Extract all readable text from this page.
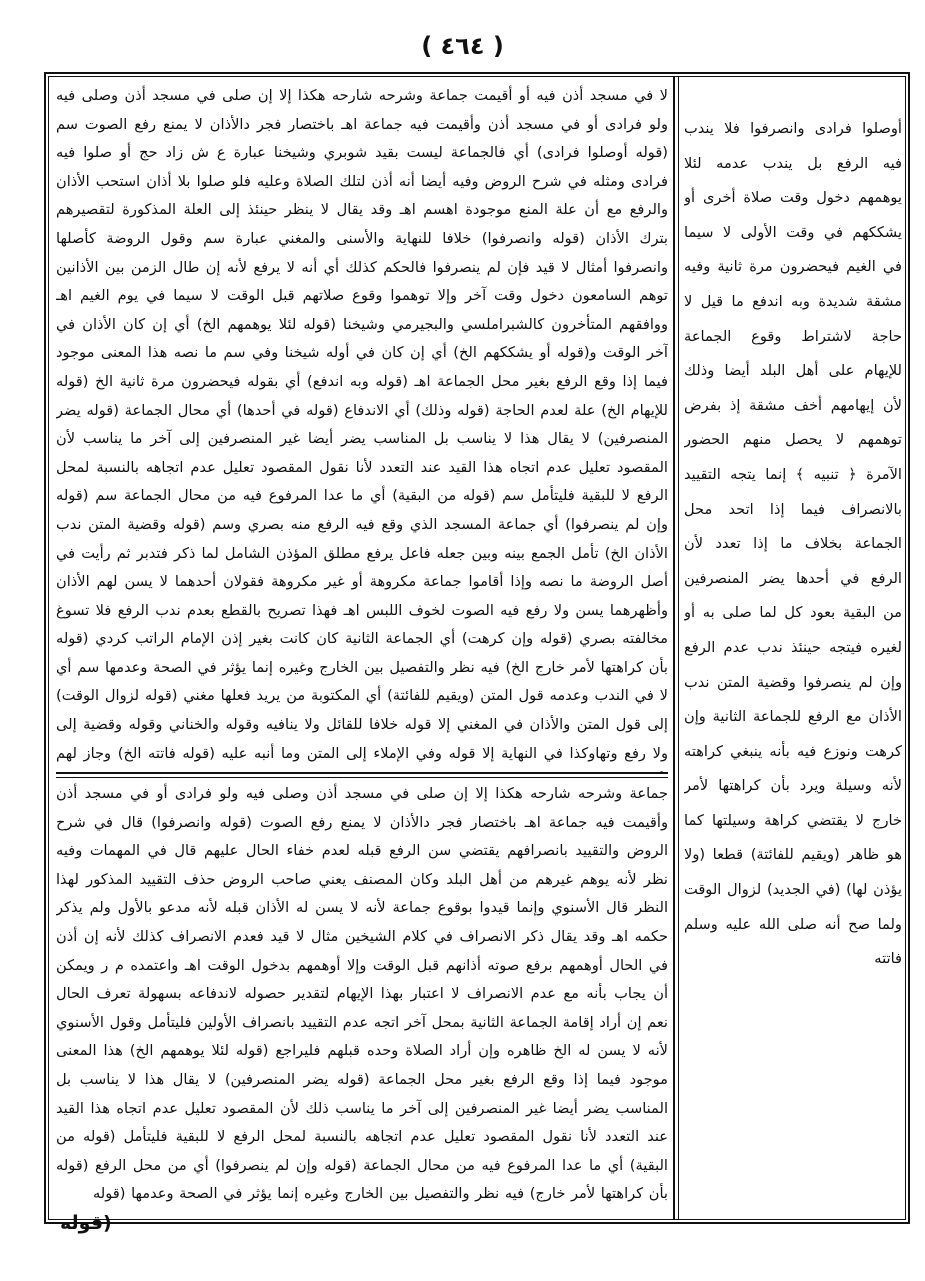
( ٤٦٤ )

لا في مسجد أذن فيه أو أقيمت جماعة وشرحه شارحه هكذا إلا إن صلى في مسجد أذن وصلى فيه ولو فرادى أو في مسجد أذن وأقيمت فيه جماعة اهـ باختصار فجر دالأذان لا يمنع رفع الصوت سم (قوله أوصلوا فرادى) أي فالجماعة ليست بقيد شوبري وشيخنا عبارة ع ش زاد حج أو صلوا فيه فرادى ومثله في شرح الروض وفيه أيضا أنه أذن لتلك الصلاة وعليه فلو صلوا بلا أذان استحب الأذان والرفع مع أن علة المنع موجودة اهسم اهـ وقد يقال لا ينظر حينئذ إلى العلة المذكورة لتقصيرهم بترك الأذان (قوله وانصرفوا) خلافا للنهاية والأسنى والمغني عبارة سم وقول الروضة كأصلها وانصرفوا أمثال لا قيد فإن لم ينصرفوا فالحكم كذلك أي أنه لا يرفع لأنه إن طال الزمن بين الأذانين توهم السامعون دخول وقت آخر وإلا توهموا وقوع صلاتهم قبل الوقت لا سيما في يوم الغيم اهـ ووافقهم المتأخرون كالشبراملسي والبجيرمي وشيخنا (قوله لئلا يوهمهم الخ) أي إن كان الأذان في آخر الوقت و(قوله أو يشككهم الخ) أي إن كان في أوله شيخنا وفي سم ما نصه هذا المعنى موجود فيما إذا وقع الرفع بغير محل الجماعة اهـ (قوله وبه اندفع) أي بقوله فيحضرون مرة ثانية الخ (قوله للإيهام الخ) علة لعدم الحاجة (قوله وذلك) أي الاندفاع (قوله في أحدها) أي محال الجماعة (قوله يضر المنصرفين) لا يقال هذا لا يناسب بل المناسب يضر أيضا غير المنصرفين إلى آخر ما يناسب لأن المقصود تعليل عدم اتجاه هذا القيد عند التعدد لأنا نقول المقصود تعليل عدم اتجاهه بالنسبة لمحل الرفع لا للبقية فليتأمل سم (قوله من البقية) أي ما عدا المرفوع فيه من محال الجماعة سم (قوله وإن لم ينصرفوا) أي جماعة المسجد الذي وقع فيه الرفع منه بصري وسم (قوله وقضية المتن ندب الأذان الخ) تأمل الجمع بينه وبين جعله فاعل يرفع مطلق المؤذن الشامل لما ذكر فتدبر ثم رأيت في أصل الروضة ما نصه وإذا أقاموا جماعة مكروهة أو غير مكروهة فقولان أحدهما لا يسن لهم الأذان وأظهرهما يسن ولا رفع فيه الصوت لخوف اللبس اهـ فهذا تصريح بالقطع بعدم ندب الرفع فلا تسوغ مخالفته بصري (قوله وإن كرهت) أي الجماعة الثانية كان كانت بغير إذن الإمام الراتب كردي (قوله بأن كراهتها لأمر خارج الخ) فيه نظر والتفصيل بين الخارج وغيره إنما يؤثر في الصحة وعدمها سم أي لا في الندب وعدمه قول المتن (ويقيم للفائتة) أي المكتوبة من يريد فعلها مغني (قوله لزوال الوقت) إلى قول المتن والأذان في المغني إلا قوله خلافا للقائل ولا ينافيه وقوله والخناني وقوله وقضية إلى ولا رفع وتهاوكذا في النهاية إلا قوله وفي الإملاء إلى المتن وما أنبه عليه (قوله فاتته الخ) وجاز لهم

جماعة وشرحه شارحه هكذا إلا إن صلى في مسجد أذن وصلى فيه ولو فرادى أو في مسجد أذن وأقيمت فيه جماعة اهـ باختصار فجر دالأذان لا يمنع رفع الصوت (قوله وانصرفوا) قال في شرح الروض والتقييد بانصرافهم يقتضي سن الرفع قبله لعدم خفاء الحال عليهم قال في المهمات وفيه نظر لأنه يوهم غيرهم من أهل البلد وكان المصنف يعني صاحب الروض حذف التقييد المذكور لهذا النظر قال الأسنوي وإنما قيدوا بوقوع جماعة لأنه لا يسن له الأذان قبله لأنه مدعو بالأول ولم يذكر حكمه اهـ وقد يقال ذكر الانصراف في كلام الشيخين مثال لا قيد فعدم الانصراف كذلك لأنه إن أذن في الحال أوهمهم برفع صوته أذانهم قبل الوقت وإلا أوهمهم بدخول الوقت اهـ واعتمده م ر ويمكن أن يجاب بأنه مع عدم الانصراف لا اعتبار بهذا الإيهام لتقدير حصوله لاندفاعه بسهولة تعرف الحال نعم إن أراد إقامة الجماعة الثانية بمحل آخر اتجه عدم التقييد بانصراف الأولين فليتأمل وقول الأسنوي لأنه لا يسن له الخ ظاهره وإن أراد الصلاة وحده قبلهم فليراجع (قوله لئلا يوهمهم الخ) هذا المعنى موجود فيما إذا وقع الرفع بغير محل الجماعة (قوله يضر المنصرفين) لا يقال هذا لا يناسب بل المناسب يضر أيضا غير المنصرفين إلى آخر ما يناسب ذلك لأن المقصود تعليل عدم اتجاه هذا القيد عند التعدد لأنا نقول المقصود تعليل عدم اتجاهه بالنسبة لمحل الرفع لا للبقية فليتأمل (قوله من البقية) أي ما عدا المرفوع فيه من محال الجماعة (قوله وإن لم ينصرفوا) أي من محل الرفع (قوله بأن كراهتها لأمر خارج) فيه نظر والتفصيل بين الخارج وغيره إنما يؤثر في الصحة وعدمها (قوله

أوصلوا فرادى وانصرفوا فلا يندب فيه الرفع بل يندب عدمه لئلا يوهمهم دخول وقت صلاة أخرى أو يشككهم في وقت الأولى لا سيما في الغيم فيحضرون مرة ثانية وفيه مشقة شديدة وبه اندفع ما قيل لا حاجة لاشتراط وقوع الجماعة للإيهام على أهل البلد أيضا وذلك لأن إيهامهم أخف مشقة إذ بفرض توهمهم لا يحصل منهم الحضور الآمرة ﴿ تنبيه ﴾ إنما يتجه التقييد بالانصراف فيما إذا اتحد محل الجماعة بخلاف ما إذا تعدد لأن الرفع في أحدها يضر المنصرفين من البقية بعود كل لما صلى به أو لغيره فيتجه حينئذ ندب عدم الرفع وإن لم ينصرفوا وقضية المتن ندب الأذان مع الرفع للجماعة الثانية وإن كرهت ونوزع فيه بأنه ينبغي كراهته لأنه وسيلة ويرد بأن كراهتها لأمر خارج لا يقتضي كراهة وسيلتها كما هو ظاهر (ويقيم للفائتة) قطعا (ولا يؤذن لها) (في الجديد) لزوال الوقت ولما صح أنه صلى الله عليه وسلم فاتته

(قوله
